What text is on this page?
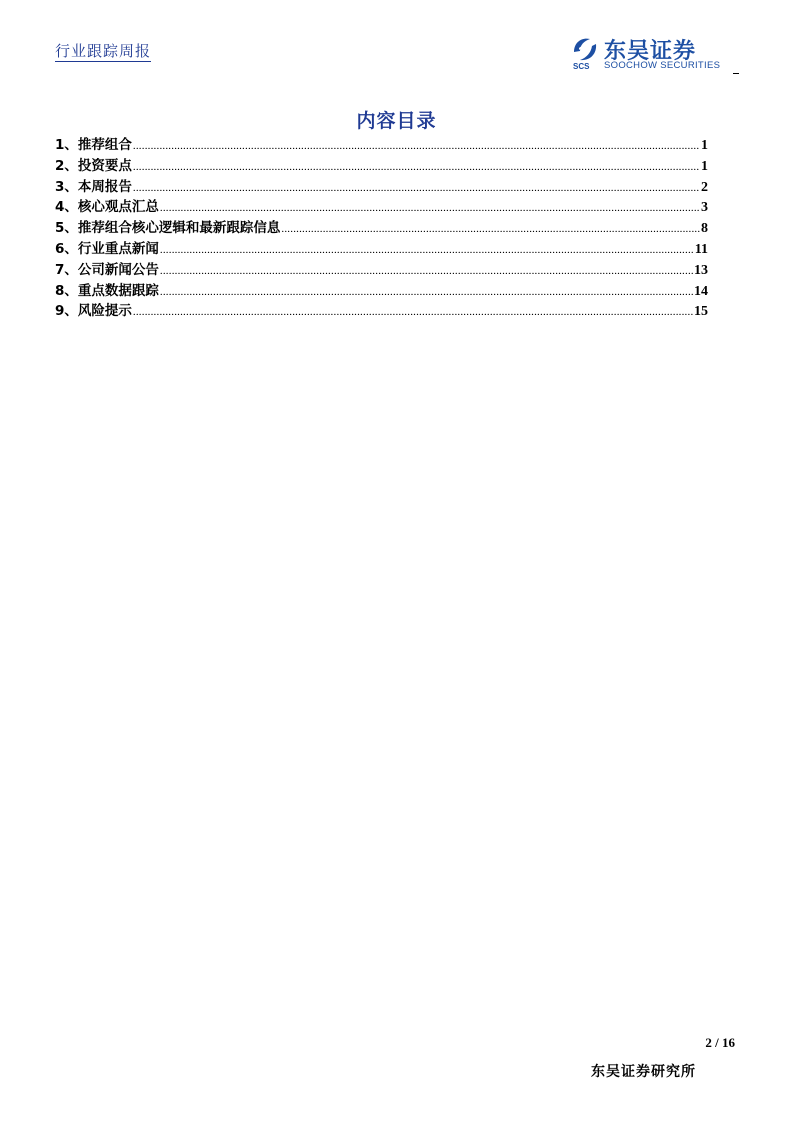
行业跟踪周报
SCS
东吴证券
SOOCHOW SECURITIES
内容目录
1、推荐组合 .....	1
2、投资要点 .....	1
3、本周报告 .....	2
4、核心观点汇总 .....	3
5、推荐组合核心逻辑和最新跟踪信息 .....	8
6、行业重点新闻 .....	11
7、公司新闻公告 .....	13
8、重点数据跟踪 .....	14
9、风险提示 .....	15
2 / 16
东吴证券研究所
